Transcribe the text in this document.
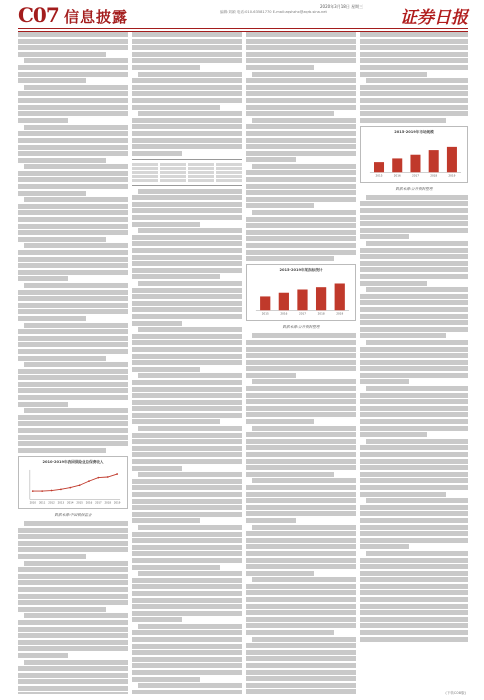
C07 信息披露	编辑:刘颖 电话:010-63581770 E-mail:zqshzhx@zqrb.sina.net
2020年3月18日 星期三
证券日报
2010-2019年我国保险业总保费收入
2010 2011 2012 2013 2014 2015 2016 2017 2018 2019
数据来源:中国银保监会
2015-2019年某指标统计
2015	2016	2017	2018	2019
数据来源:公开资料整理
2015-2019年市场规模
2015	2016	2017	2018	2019
数据来源:公开资料整理
(下转C08版)
